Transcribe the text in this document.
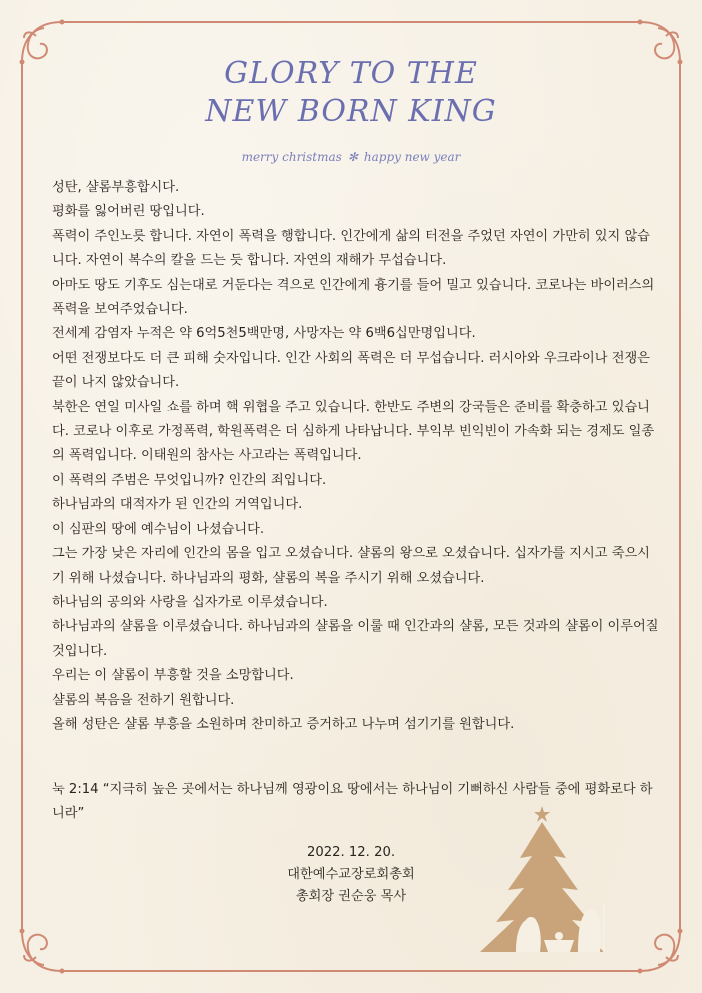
GLORY TO THE
NEW BORN KING
merry christmas ✻ happy new year

성탄, 샬롬부흥합시다.

평화를 잃어버린 땅입니다.

폭력이 주인노릇 합니다. 자연이 폭력을 행합니다. 인간에게 삶의 터전을 주었던 자연이 가만히 있지 않습니다. 자연이 복수의 칼을 드는 듯 합니다. 자연의 재해가 무섭습니다.

아마도 땅도 기후도 심는대로 거둔다는 격으로 인간에게 흉기를 들어 밀고 있습니다. 코로나는 바이러스의 폭력을 보여주었습니다.

전세계 감염자 누적은 약 6억5천5백만명, 사망자는 약 6백6십만명입니다.

어떤 전쟁보다도 더 큰 피해 숫자입니다. 인간 사회의 폭력은 더 무섭습니다. 러시아와 우크라이나 전쟁은 끝이 나지 않았습니다.

북한은 연일 미사일 쇼를 하며 핵 위협을 주고 있습니다. 한반도 주변의 강국들은 준비를 확충하고 있습니다. 코로나 이후로 가정폭력, 학원폭력은 더 심하게 나타납니다. 부익부 빈익빈이 가속화 되는 경제도 일종의 폭력입니다. 이태원의 참사는 사고라는 폭력입니다.

이 폭력의 주범은 무엇입니까? 인간의 죄입니다.

하나님과의 대적자가 된 인간의 거역입니다.

이 심판의 땅에 예수님이 나셨습니다.

그는 가장 낮은 자리에 인간의 몸을 입고 오셨습니다. 샬롬의 왕으로 오셨습니다. 십자가를 지시고 죽으시기 위해 나셨습니다. 하나님과의 평화, 샬롬의 복을 주시기 위해 오셨습니다.

하나님의 공의와 사랑을 십자가로 이루셨습니다.

하나님과의 샬롬을 이루셨습니다. 하나님과의 샬롬을 이룰 때 인간과의 샬롬, 모든 것과의 샬롬이 이루어질 것입니다.

우리는 이 샬롬이 부흥할 것을 소망합니다.

샬롬의 복음을 전하기 원합니다.

올해 성탄은 샬롬 부흥을 소원하며 찬미하고 증거하고 나누며 섬기기를 원합니다.

눅 2:14 “지극히 높은 곳에서는 하나님께 영광이요 땅에서는 하나님이 기뻐하신 사람들 중에 평화로다 하니라”

2022. 12. 20.
대한예수교장로회총회
총회장 권순웅 목사
